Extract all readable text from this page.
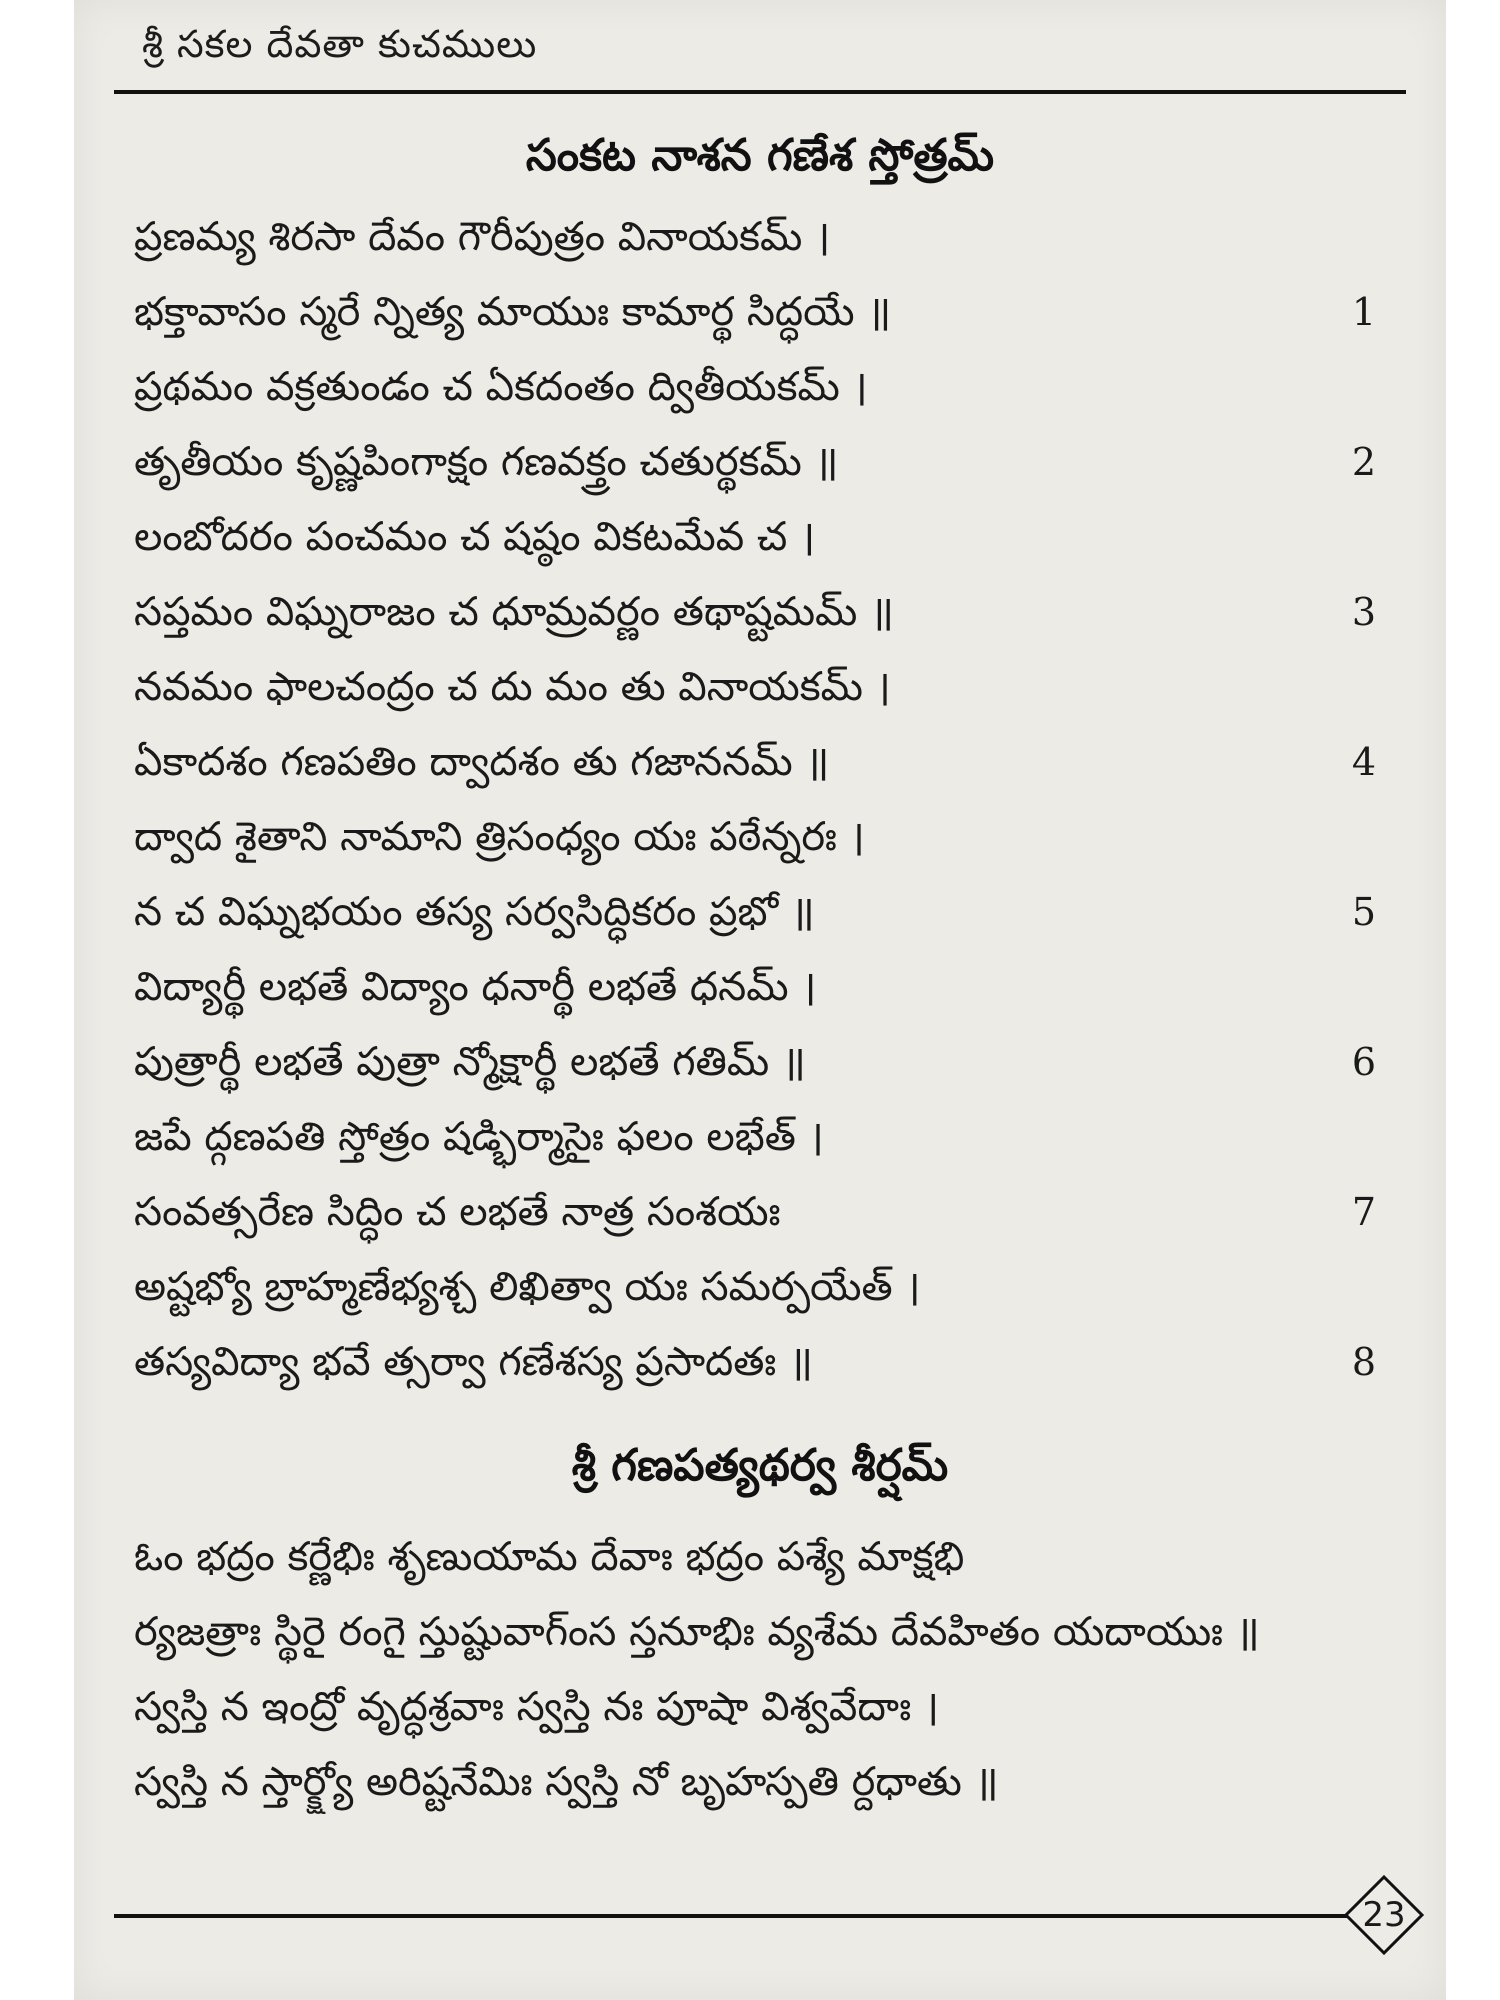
శ్రీ సకల దేవతా కుచములు
సంకట నాశన గణేశ స్తోత్రమ్
ప్రణమ్య శిరసా దేవం గౌరీపుత్రం వినాయకమ్ ।
భక్తావాసం స్మరే న్నిత్య మాయుః కామార్థ సిద్ధయే ॥	1
ప్రథమం వక్రతుండం చ ఏకదంతం ద్వితీయకమ్ ।
తృతీయం కృష్ణపింగాక్షం గణవక్త్రం చతుర్థకమ్ ॥	2
లంబోదరం పంచమం చ షష్ఠం వికటమేవ చ ।
సప్తమం విఘ్నరాజం చ ధూమ్రవర్ణం తథాష్టమమ్ ॥	3
నవమం ఫాలచంద్రం చ దు మం తు వినాయకమ్ ।
ఏకాదశం గణపతిం ద్వాదశం తు గజాననమ్ ॥	4
ద్వాద శైతాని నామాని త్రిసంధ్యం యః పఠేన్నరః ।
న చ విఘ్నభయం తస్య సర్వసిద్ధికరం ప్రభో ॥	5
విద్యార్థీ లభతే విద్యాం ధనార్థీ లభతే ధనమ్ ।
పుత్రార్థీ లభతే పుత్రా న్మోక్షార్థీ లభతే గతిమ్ ॥	6
జపే ద్గణపతి స్తోత్రం షడ్భిర్మాసైః ఫలం లభేత్ ।
సంవత్సరేణ సిద్ధిం చ లభతే నాత్ర సంశయః	7
అష్టభ్యో బ్రాహ్మణేభ్యశ్చ లిఖిత్వా యః సమర్పయేత్ ।
తస్యవిద్యా భవే త్సర్వా గణేశస్య ప్రసాదతః ॥	8
శ్రీ గణపత్యథర్వ శీర్షమ్
ఓం భద్రం కర్ణేభిః శృణుయామ దేవాః భద్రం పశ్యే మాక్షభి
ర్యజత్రాః స్థిరై రంగై స్తుష్టువాగ్ంస స్తనూభిః వ్యశేమ దేవహితం యదాయుః ॥
స్వస్తి న ఇంద్రో వృద్ధశ్రవాః స్వస్తి నః పూషా విశ్వవేదాః ।
స్వస్తి న స్తార్క్ష్యో అరిష్టనేమిః స్వస్తి నో బృహస్పతి ర్దధాతు ॥
23
